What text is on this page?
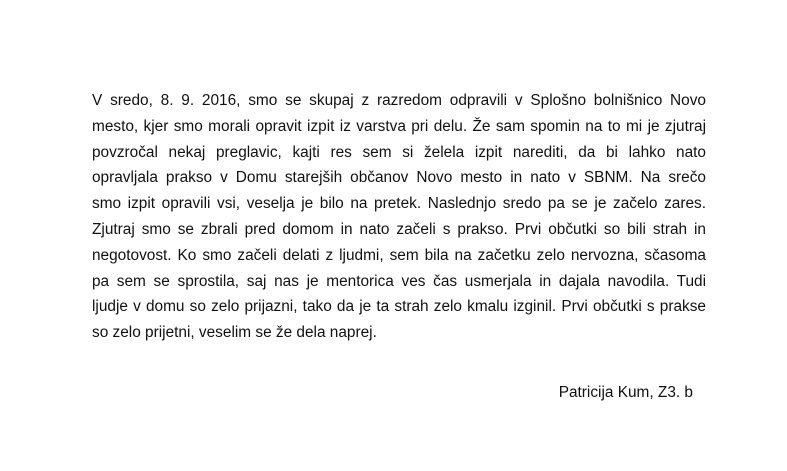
V sredo, 8. 9. 2016, smo se skupaj z razredom odpravili v Splošno bolnišnico Novo
mesto, kjer smo morali opravit izpit iz varstva pri delu. Že sam spomin na to mi je zjutraj
povzročal nekaj preglavic, kajti res sem si želela izpit narediti, da bi lahko nato
opravljala prakso v Domu starejših občanov Novo mesto in nato v SBNM. Na srečo
smo izpit opravili vsi, veselja je bilo na pretek. Naslednjo sredo pa se je začelo zares.
Zjutraj smo se zbrali pred domom in nato začeli s prakso. Prvi občutki so bili strah in
negotovost. Ko smo začeli delati z ljudmi, sem bila na začetku zelo nervozna, sčasoma
pa sem se sprostila, saj nas je mentorica ves čas usmerjala in dajala navodila. Tudi
ljudje v domu so zelo prijazni, tako da je ta strah zelo kmalu izginil. Prvi občutki s prakse
so zelo prijetni, veselim se že dela naprej.

Patricija Kum, Z3. b
